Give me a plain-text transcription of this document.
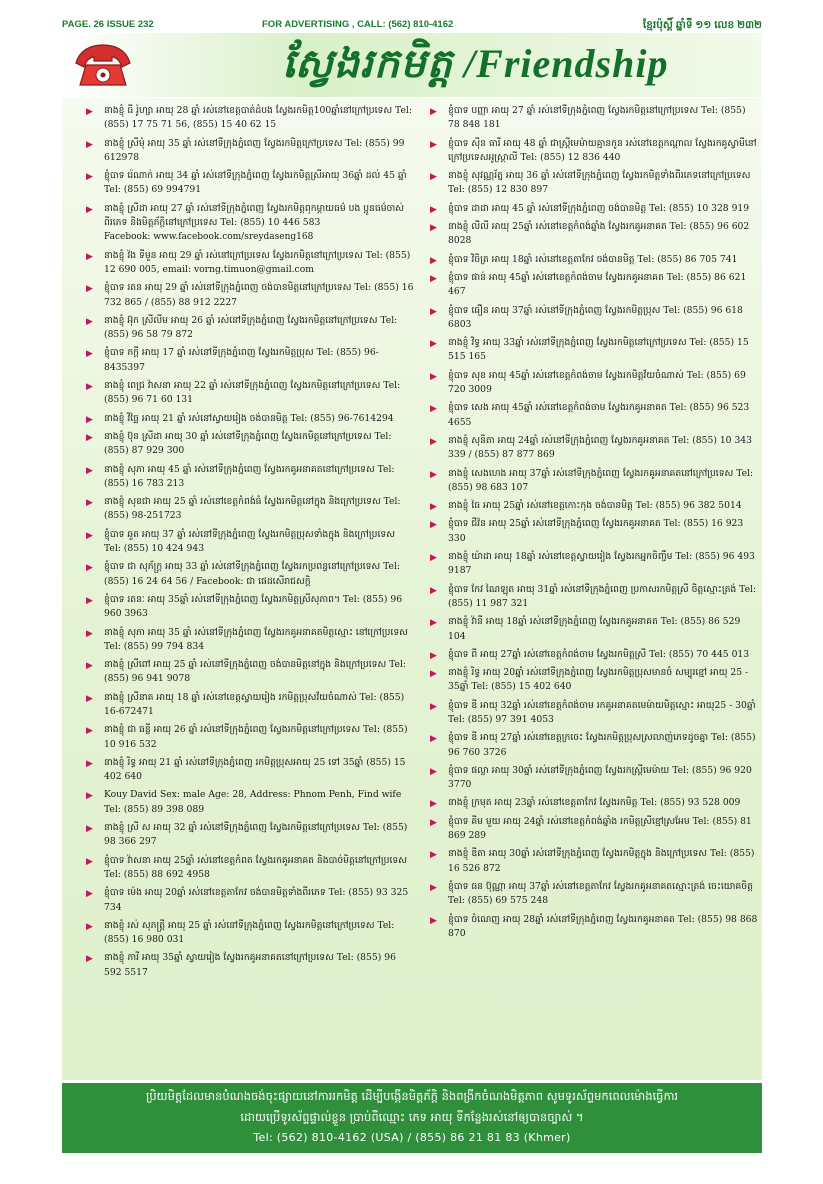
PAGE. 26 ISSUE 232	FOR ADVERTISING , CALL: (562) 810-4162	ខ្មែរប៉ុស្តិ៍ ឆ្នាំទី ១១ លេខ ២៣២
ស្វែងរកមិត្ត /Friendship
▶ នាងខ្ញុំ ធី រ៉ូហ្សា អាយុ 28 ឆ្នាំ រស់នៅខេត្តបាត់ដំបង ស្វែងរកមិត្ត100ឆ្នាំនៅក្រៅប្រទេស Tel: (855) 17 75 71 56, (855) 15 40 62 15
▶ នាងខ្ញុំ ស្រីមុំ អាយុ 35 ឆ្នាំ រស់នៅទីក្រុងភ្នំពេញ ស្វែងរកមិត្តក្រៅប្រទេស Tel: (855) 99 612978
▶ ខ្ញុំបាទ រ៉េណាក់ អាយុ 34 ឆ្នាំ រស់នៅទីក្រុងភ្នំពេញ ស្វែងរកមិត្តស្រីអាយុ 36ឆ្នាំ ដល់ 45 ឆ្នាំ Tel: (855) 69 994791
▶ នាងខ្ញុំ ស្រីដា អាយុ 27 ឆ្នាំ រស់នៅទីក្រុងភ្នំពេញ ស្វែងរកមិត្តពុកម្ដាយធម៌ បង ប្អូនធម៌ចាស់ពីរភេទ និងមិត្តភ័ក្តិនៅក្រៅប្រទេស Tel: (855) 10 446 583
Facebook: www.facebook.com/sreydaseng168
▶ នាងខ្ញុំ វ៉ង ទីមួន អាយុ 29 ឆ្នាំ រស់នៅក្រៅប្រទេស ស្វែងរកមិត្តនៅក្រៅប្រទេស Tel: (855) 12 690 005, email: vorng.timuon@gmail.com
▶ ខ្ញុំបាទ រតន អាយុ 29 ឆ្នាំ រស់នៅទីក្រុងភ្នំពេញ ចង់បានមិត្តនៅក្រៅប្រទេស Tel: (855) 16 732 865 / (855) 88 912 2227
▶ នាងខ្ញុំ អ៊ុក ស្រីលីម អាយុ 26 ឆ្នាំ រស់នៅទីក្រុងភ្នំពេញ ស្វែងរកមិត្តនៅក្រៅប្រទេស Tel: (855) 96 58 79 872
▶ ខ្ញុំបាទ ភក្តី អាយុ 17 ឆ្នាំ រស់នៅទីក្រុងភ្នំពេញ ស្វែងរកមិត្តប្រុស Tel: (855) 96-8435397
▶ នាងខ្ញុំ ពេជ្រ វ៉ាសនា អាយុ 22 ឆ្នាំ រស់នៅទីក្រុងភ្នំពេញ ស្វែងរកមិត្តនៅក្រៅប្រទេស Tel: (855) 96 71 60 131
▶ នាងខ្ញុំ វិច្ឆៃ អាយុ 21 ឆ្នាំ រស់នៅស្វាយរៀង ចង់បានមិត្ត Tel: (855) 96-7614294
▶ នាងខ្ញុំ ប៊ុន ស្រីដា អាយុ 30 ឆ្នាំ រស់នៅទីក្រុងភ្នំពេញ ស្វែងរកមិត្តនៅក្រៅប្រទេស Tel: (855) 87 929 300
▶ នាងខ្ញុំ សុភា អាយុ 45 ឆ្នាំ រស់នៅទីក្រុងភ្នំពេញ ស្វែងរកគូអនាគតនៅក្រៅប្រទេស Tel: (855) 16 783 213
▶ នាងខ្ញុំ សុខជា អាយុ 25 ឆ្នាំ រស់នៅខេត្តកំពង់ធំ ស្វែងរកមិត្តនៅក្នុង និងក្រៅប្រទេស Tel: (855) 98-251723
▶ ខ្ញុំបាទ ឆួត អាយុ 37 ឆ្នាំ រស់នៅទីក្រុងភ្នំពេញ ស្វែងរកមិត្តប្រុសទាំងក្នុង និងក្រៅប្រទេស Tel: (855) 10 424 943
▶ ខ្ញុំបាទ ជា សុភ័ក្រ្ត អាយុ 33 ឆ្នាំ រស់នៅទីក្រុងភ្នំពេញ ស្វែងរកប្រពន្ធនៅក្រៅប្រទេស Tel: (855) 16 24 64 56 / Facebook: ជា ផេដសើរាជសក្តិ
▶ ខ្ញុំបាទ រតនៈ អាយុ 35ឆ្នាំ រស់នៅទីក្រុងភ្នំពេញ ស្វែងរកមិត្តស្រីសុភាព។ Tel: (855) 96 960 3963
▶ នាងខ្ញុំ សុភា អាយុ 35 ឆ្នាំ រស់នៅទីក្រុងភ្នំពេញ ស្វែងរកគូអនាគតមិត្តស្មោះ នៅក្រៅប្រទេស Tel: (855) 99 794 834
▶ នាងខ្ញុំ ស្រីពៅ អាយុ 25 ឆ្នាំ រស់នៅទីក្រុងភ្នំពេញ ចង់បានមិត្តនៅក្នុង និងក្រៅប្រទេស Tel: (855) 96 941 9078
▶ នាងខ្ញុំ ស្រីនាគ អាយុ 18 ឆ្នាំ រស់នៅខេត្តស្វាយរៀង រកមិត្តប្រុសវ័យចំណាស់ Tel: (855) 16-672471
▶ នាងខ្ញុំ ជា ធន្លី អាយុ 26 ឆ្នាំ រស់នៅទីក្រុងភ្នំពេញ ស្វែងរកមិត្តនៅក្រៅប្រទេស Tel: (855) 10 916 532
▶ នាងខ្ញុំ រិទ្ធ អាយុ 21 ឆ្នាំ រស់នៅទីក្រុងភ្នំពេញ រកមិត្តប្រុសអាយុ 25 ទៅ 35ឆ្នាំ (855) 15 402 640
▶ Kouy David Sex: male Age: 28, Address: Phnom Penh, Find wife Tel: (855) 89 398 089
▶ នាងខ្ញុំ ស្រី ស អាយុ 32 ឆ្នាំ រស់នៅទីក្រុងភ្នំពេញ ស្វែងរកមិត្តនៅក្រៅប្រទេស Tel: (855) 98 366 297
▶ ខ្ញុំបាទ វ៉ាសនា អាយុ 25ឆ្នាំ រស់នៅខេត្តកំពត ស្វែងរកគូអនាគត និងបាច់មិត្តនៅក្រៅប្រទេស Tel: (855) 88 692 4958
▶ ខ្ញុំបាទ ម៉េង អាយុ 20ឆ្នាំ រស់នៅខេត្តតាកែវ ចង់បានមិត្តទាំងពីរភេទ Tel: (855) 93 325 734
▶ នាងខ្ញុំ រស់ សុភត្ត្រី អាយុ 25 ឆ្នាំ រស់នៅទីក្រុងភ្នំពេញ ស្វែងរកមិត្តនៅក្រៅប្រទេស Tel: (855) 16 980 031
▶ នាងខ្ញុំ ភារី អាយុ 35ឆ្នាំ ស្វាយរៀង ស្វែងរកគូអនាគតនៅក្រៅប្រទេស Tel: (855) 96 592 5517
▶ ខ្ញុំបាទ បញ្ញា អាយុ 27 ឆ្នាំ រស់នៅទីក្រុងភ្នំពេញ ស្វែងរកមិត្តនៅក្រៅប្រទេស Tel: (855) 78 848 181
▶ ខ្ញុំបាទ ស៊ីន ធារី អាយុ 48 ឆ្នាំ ជាស្ត្រីមេម៉ាយគ្មានកូន រស់នៅខេត្តកណ្ដាល ស្វែងរកគូស្វាមីនៅក្រៅប្រទេសអូស្ត្រាលី Tel: (855) 12 836 440
▶ នាងខ្ញុំ សុវណ្ណរ័ត្ន អាយុ 36 ឆ្នាំ រស់នៅទីក្រុងភ្នំពេញ ស្វែងរកមិត្តទាំងពីរភេទនៅក្រៅប្រទេស Tel: (855) 12 830 897
▶ ខ្ញុំបាទ ដាដា អាយុ 45 ឆ្នាំ រស់នៅទីក្រុងភ្នំពេញ ចង់បានមិត្ត Tel: (855) 10 328 919
▶ នាងខ្ញុំ លីលី អាយុ 25ឆ្នាំ រស់នៅខេត្តកំពង់ឆ្នាំង ស្វែងរកគូអនាគត Tel: (855) 96 602 8028
▶ ខ្ញុំបាទ វិចិត្រ អាយុ 18ឆ្នាំ រស់នៅខេត្តតាកែវ ចង់បានមិត្ត Tel: (855) 86 705 741
▶ ខ្ញុំបាទ ផាន់ អាយុ 45ឆ្នាំ រស់នៅខេត្តកំពង់ចាម ស្វែងរកគូអនាគត Tel: (855) 86 621 467
▶ ខ្ញុំបាទ ធឿន អាយុ 37ឆ្នាំ រស់នៅទីក្រុងភ្នំពេញ ស្វែងរកមិត្តប្រុស Tel: (855) 96 618 6803
▶ នាងខ្ញុំ វិទ្ធ អាយុ 33ឆ្នាំ រស់នៅទីក្រុងភ្នំពេញ ស្វែងរកមិត្តនៅក្រៅប្រទេស Tel: (855) 15 515 165
▶ ខ្ញុំបាទ សុខ អាយុ 45ឆ្នាំ រស់នៅខេត្តកំពង់ចាម ស្វែងរកមិត្តវ័យចំណាស់ Tel: (855) 69 720 3009
▶ ខ្ញុំបាទ សេង អាយុ 45ឆ្នាំ រស់នៅខេត្តកំពង់ចាម ស្វែងរកគូអនាគត Tel: (855) 96 523 4655
▶ នាងខ្ញុំ សុនិតា អាយុ 24ឆ្នាំ រស់នៅទីក្រុងភ្នំពេញ ស្វែងរកគូអនាគត Tel: (855) 10 343 339 / (855) 87 877 869
▶ នាងខ្ញុំ សេងហេង អាយុ 37ឆ្នាំ រស់នៅទីក្រុងភ្នំពេញ ស្វែងរកគូអនាគតនៅក្រៅប្រទេស Tel: (855) 98 683 107
▶ នាងខ្ញុំ ធៃ អាយុ 25ឆ្នាំ រស់នៅខេត្តកោះកុង ចង់បានមិត្ត Tel: (855) 96 382 5014
▶ ខ្ញុំបាទ ជីវ៉ន អាយុ 25ឆ្នាំ រស់នៅទីក្រុងភ្នំពេញ ស្វែងរកគូអនាគត Tel: (855) 16 923 330
▶ នាងខ្ញុំ យ៉ាដា អាយុ 18ឆ្នាំ រស់នៅខេត្តស្វាយរៀង ស្វែងរកអ្នកចិញ្ចឹម Tel: (855) 96 493 9187
▶ ខ្ញុំបាទ កែវ ណៃឡុត អាយុ 31ឆ្នាំ រស់នៅទីក្រុងភ្នំពេញ ប្រកាសរកមិត្តស្រី ចិត្តស្មោះត្រង់ Tel: (855) 11 987 321
▶ នាងខ្ញុំ វ៉ានី អាយុ 18ឆ្នាំ រស់នៅទីក្រុងភ្នំពេញ ស្វែងរកគូអនាគត Tel: (855) 86 529 104
▶ ខ្ញុំបាទ ពី អាយុ 27ឆ្នាំ រស់នៅខេត្តកំពង់ចាម ស្វែងរកមិត្តស្រី Tel: (855) 70 445 013
▶ នាងខ្ញុំ រិទ្ធ អាយុ 20ឆ្នាំ រស់នៅទីក្រុងភ្នំពេញ ស្វែងរកមិត្តប្រុសមានចំ សម្បុរខ្មៅ អាយុ 25 - 35ឆ្នាំ Tel: (855) 15 402 640
▶ ខ្ញុំបាទ ឌី អាយុ 32ឆ្នាំ រស់នៅខេត្តកំពង់ចាម រកគូអនាគតមេម៉ាយមិត្តស្មោះ អាយុ25 - 30ឆ្នាំ Tel: (855) 97 391 4053
▶ ខ្ញុំបាទ ឌី អាយុ 27ឆ្នាំ រស់នៅខេត្តក្រចេះ ស្វែងរកមិត្តប្រុសស្រលាញ់ភេទដូចគ្នា Tel: (855) 96 760 3726
▶ ខ្ញុំបាទ ផល្លា អាយុ 30ឆ្នាំ រស់នៅទីក្រុងភ្នំពេញ ស្វែងរកស្ត្រីមេម៉ាយ Tel: (855) 96 920 3770
▶ នាងខ្ញុំ ក្រមុត អាយុ 23ឆ្នាំ រស់នៅខេត្តតាកែវ ស្វែងរកមិត្ត Tel: (855) 93 528 009
▶ ខ្ញុំបាទ គីម មួយ អាយុ 24ឆ្នាំ រស់នៅខេត្តកំពង់ឆ្នាំង រកមិត្តស្រីខ្មៅស្រអែម Tel: (855) 81 869 289
▶ នាងខ្ញុំ ឌីតា អាយុ 30ឆ្នាំ រស់នៅទីក្រុងភ្នំពេញ ស្វែងរកមិត្តក្នុង និងក្រៅប្រទេស Tel: (855) 16 526 872
▶ ខ្ញុំបាទ ធន ប៊ុណ្ណា អាយុ 37ឆ្នាំ រស់នៅខេត្តតាកែវ ស្វែងរកគូអនាគតស្មោះត្រង់ ចេះយោគចិត្ត Tel: (855) 69 575 248
▶ ខ្ញុំបាទ ចំណេញ អាយុ 28ឆ្នាំ រស់នៅទីក្រុងភ្នំពេញ ស្វែងរកគូអនាគត Tel: (855) 98 868 870
ប្រិយមិត្តដែលមានបំណងចង់ចុះផ្សាយនៅការរកមិត្ត ដើម្បីបង្កើនមិត្តភ័ក្តិ និងពង្រីកចំណងមិត្តភាព សូមទូរស័ព្ទមកពេលម៉ោងធ្វើការ
ដោយប្រើទូរស័ព្ទផ្ទាល់ខ្លួន ប្រាប់ពីឈ្មោះ ភេទ អាយុ ទីកន្លែងរស់នៅឲ្យបានច្បាស់ ។
Tel: (562) 810-4162 (USA) / (855) 86 21 81 83 (Khmer)
